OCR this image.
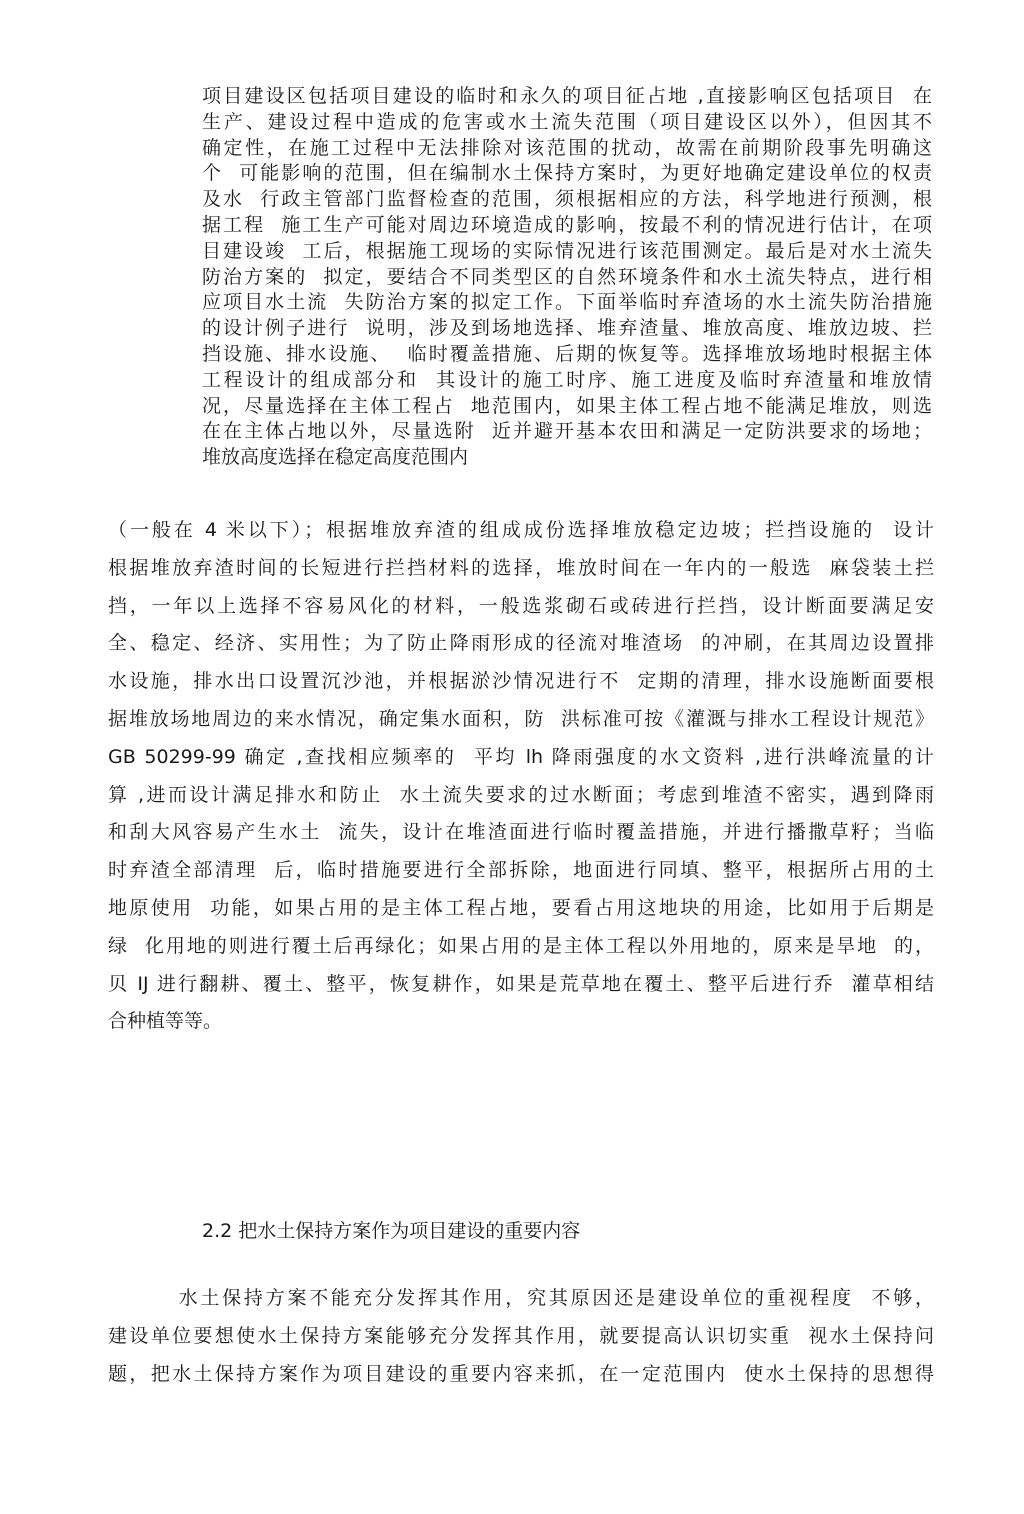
项目建设区包括项目建设的临时和永久的项目征占地 ,直接影响区包括项目  在
生产、建设过程中造成的危害或水土流失范围（项目建设区以外），但因其不
确定性，在施工过程中无法排除对该范围的扰动，故需在前期阶段事先明确这
个  可能影响的范围，但在编制水土保持方案时，为更好地确定建设单位的权责
及水  行政主管部门监督检查的范围，须根据相应的方法，科学地进行预测，根
据工程  施工生产可能对周边环境造成的影响，按最不利的情况进行估计，在项
目建设竣  工后，根据施工现场的实际情况进行该范围测定。最后是对水土流失
防治方案的  拟定，要结合不同类型区的自然环境条件和水土流失特点，进行相
应项目水土流  失防治方案的拟定工作。下面举临时弃渣场的水土流失防治措施
的设计例子进行  说明，涉及到场地选择、堆弃渣量、堆放高度、堆放边坡、拦
挡设施、排水设施、  临时覆盖措施、后期的恢复等。选择堆放场地时根据主体
工程设计的组成部分和  其设计的施工时序、施工进度及临时弃渣量和堆放情
况，尽量选择在主体工程占  地范围内，如果主体工程占地不能满足堆放，则选
在在主体占地以外，尽量选附  近并避开基本农田和满足一定防洪要求的场地；
堆放高度选择在稳定高度范围内
（一般在 4 米以下）；根据堆放弃渣的组成成份选择堆放稳定边坡；拦挡设施的  设计
根据堆放弃渣时间的长短进行拦挡材料的选择，堆放时间在一年内的一般选  麻袋装土拦
挡，一年以上选择不容易风化的材料，一般选浆砌石或砖进行拦挡，设计断面要满足安
全、稳定、经济、实用性；为了防止降雨形成的径流对堆渣场  的冲刷，在其周边设置排
水设施，排水出口设置沉沙池，并根据淤沙情况进行不  定期的清理，排水设施断面要根
据堆放场地周边的来水情况，确定集水面积，防  洪标准可按《灌溉与排水工程设计规范》
GB 50299-99 确定 ,查找相应频率的  平均 lh 降雨强度的水文资料 ,进行洪峰流量的计
算 ,进而设计满足排水和防止  水土流失要求的过水断面；考虑到堆渣不密实，遇到降雨
和刮大风容易产生水土  流失，设计在堆渣面进行临时覆盖措施，并进行播撒草籽；当临
时弃渣全部清理  后，临时措施要进行全部拆除，地面进行同填、整平，根据所占用的土
地原使用  功能，如果占用的是主体工程占地，要看占用这地块的用途，比如用于后期是
绿  化用地的则进行覆土后再绿化；如果占用的是主体工程以外用地的，原来是旱地  的，
贝 IJ 进行翻耕、覆土、整平，恢复耕作，如果是荒草地在覆土、整平后进行乔  灌草相结
合种植等等。
2.2 把水土保持方案作为项目建设的重要内容
水土保持方案不能充分发挥其作用，究其原因还是建设单位的重视程度  不够，
建设单位要想使水土保持方案能够充分发挥其作用，就要提高认识切实重  视水土保持问
题，把水土保持方案作为项目建设的重要内容来抓，在一定范围内  使水土保持的思想得
